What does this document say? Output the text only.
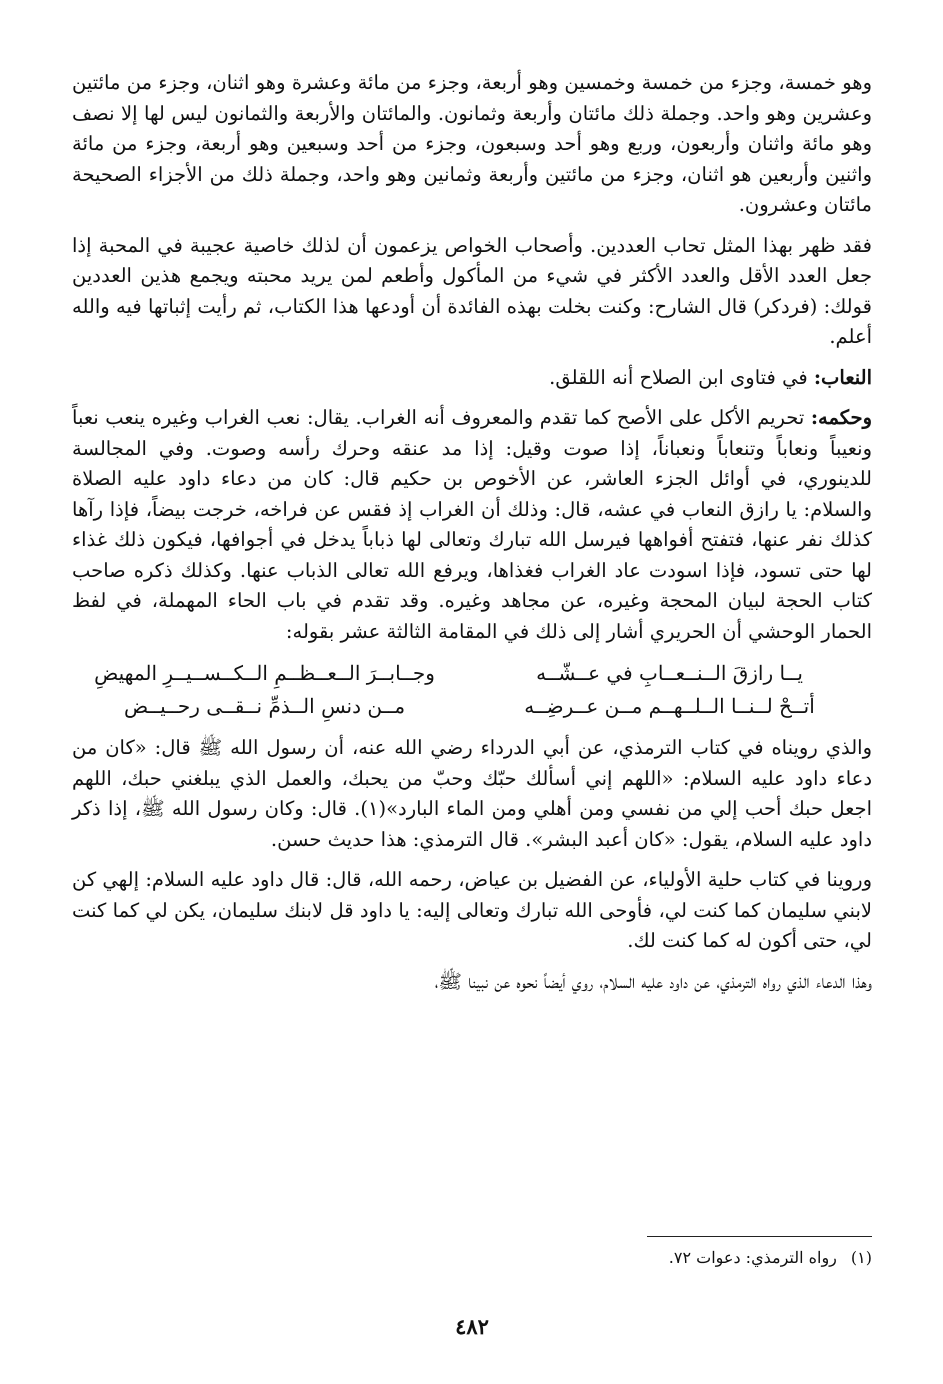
وهو خمسة، وجزء من خمسة وخمسين وهو أربعة، وجزء من مائة وعشرة وهو اثنان، وجزء من مائتين وعشرين وهو واحد. وجملة ذلك مائتان وأربعة وثمانون. والمائتان والأربعة والثمانون ليس لها إلا نصف وهو مائة واثنان وأربعون، وربع وهو أحد وسبعون، وجزء من أحد وسبعين وهو أربعة، وجزء من مائة واثنين وأربعين هو اثنان، وجزء من مائتين وأربعة وثمانين وهو واحد، وجملة ذلك من الأجزاء الصحيحة مائتان وعشرون.

فقد ظهر بهذا المثل تحاب العددين. وأصحاب الخواص يزعمون أن لذلك خاصية عجيبة في المحبة إذا جعل العدد الأقل والعدد الأكثر في شيء من المأكول وأطعم لمن يريد محبته ويجمع هذين العددين قولك: (فردكر) قال الشارح: وكنت بخلت بهذه الفائدة أن أودعها هذا الكتاب، ثم رأيت إثباتها فيه والله أعلم.

النعاب: في فتاوى ابن الصلاح أنه اللقلق.

وحكمه: تحريم الأكل على الأصح كما تقدم والمعروف أنه الغراب. يقال: نعب الغراب وغيره ينعب نعباً ونعيباً ونعاباً وتنعاباً ونعباناً، إذا صوت وقيل: إذا مد عنقه وحرك رأسه وصوت. وفي المجالسة للدينوري، في أوائل الجزء العاشر، عن الأخوص بن حكيم قال: كان من دعاء داود عليه الصلاة والسلام: يا رازق النعاب في عشه، قال: وذلك أن الغراب إذ فقس عن فراخه، خرجت بيضاً، فإذا رآها كذلك نفر عنها، فتفتح أفواهها فيرسل الله تبارك وتعالى لها ذباباً يدخل في أجوافها، فيكون ذلك غذاء لها حتى تسود، فإذا اسودت عاد الغراب فغذاها، ويرفع الله تعالى الذباب عنها. وكذلك ذكره صاحب كتاب الحجة لبيان المحجة وغيره، عن مجاهد وغيره. وقد تقدم في باب الحاء المهملة، في لفظ الحمار الوحشي أن الحريري أشار إلى ذلك في المقامة الثالثة عشر بقوله:

يــا رازقَ الــنــعــابِ في عــشّــه
وجــابــرَ الــعــظــمِ الــكــســيــرِ المهيضِ
أتــحْ لــنــا الــلــهــم مــن عــرضِــه
مــن دنسِ الــذمِّ نــقــى رحــيــض

والذي رويناه في كتاب الترمذي، عن أبي الدرداء رضي الله عنه، أن رسول الله ﷺ قال: «كان من دعاء داود عليه السلام: «اللهم إني أسألك حبّك وحبّ من يحبك، والعمل الذي يبلغني حبك، اللهم اجعل حبك أحب إلي من نفسي ومن أهلي ومن الماء البارد»(١). قال: وكان رسول الله ﷺ، إذا ذكر داود عليه السلام، يقول: «كان أعبد البشر». قال الترمذي: هذا حديث حسن.

وروينا في كتاب حلية الأولياء، عن الفضيل بن عياض، رحمه الله، قال: قال داود عليه السلام: إلهي كن لابني سليمان كما كنت لي، فأوحى الله تبارك وتعالى إليه: يا داود قل لابنك سليمان، يكن لي كما كنت لي، حتى أكون له كما كنت لك.

وهذا الدعاء الذي رواه الترمذي، عن داود عليه السلام، روي أيضاً نحوه عن نبينا ﷺ،

(١)رواه الترمذي: دعوات ٧٢.
٤٨٢
